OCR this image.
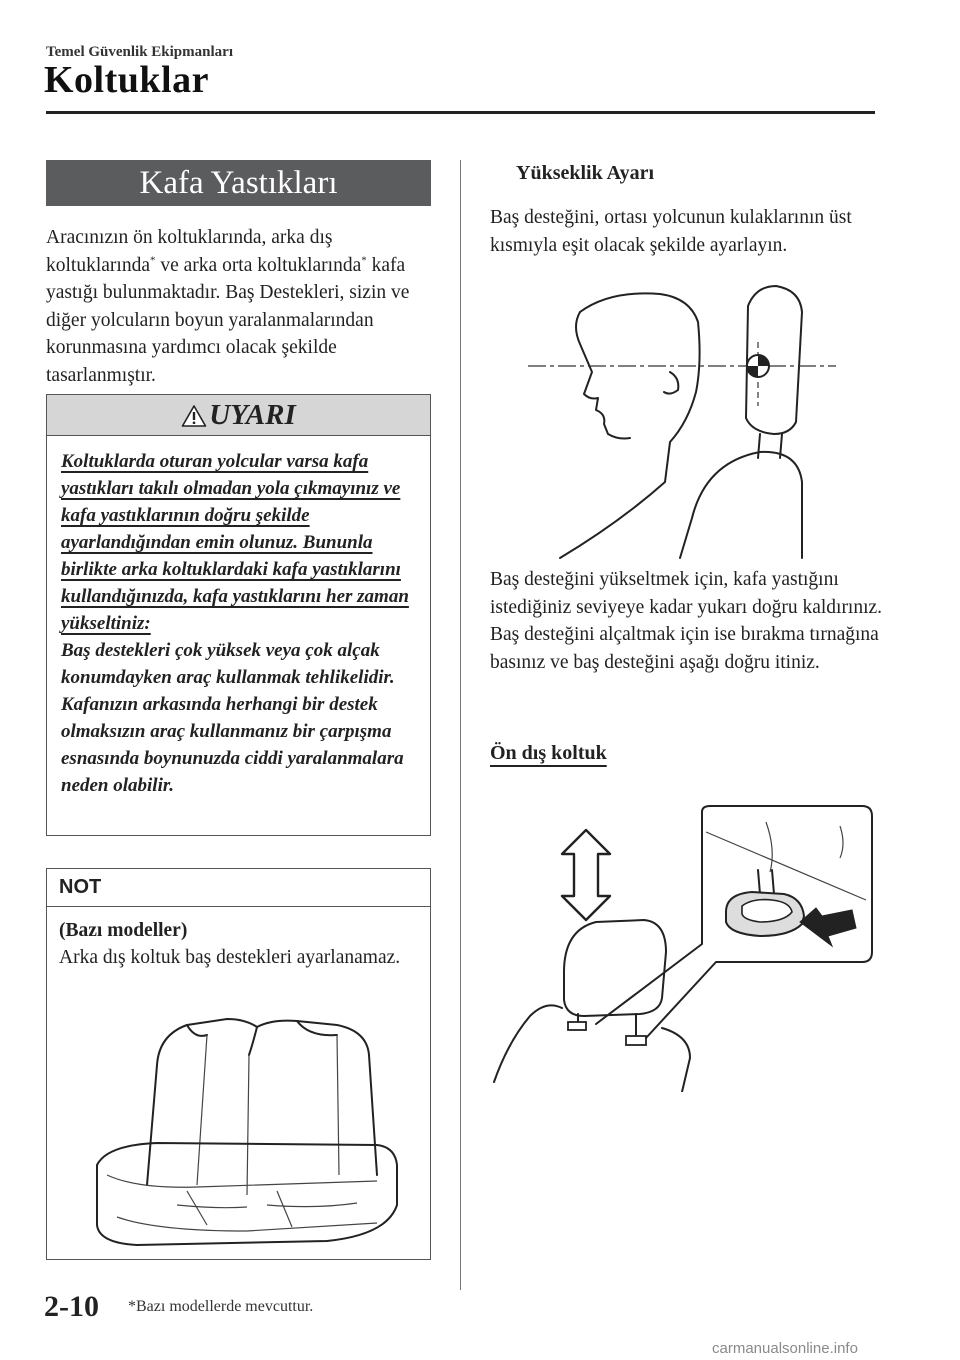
Temel Güvenlik Ekipmanları
Koltuklar
Kafa Yastıkları

Aracınızın ön koltuklarında, arka dış koltuklarında* ve arka orta koltuklarında* kafa yastığı bulunmaktadır. Baş Destekleri, sizin ve diğer yolcuların boyun yaralanmalarından korunmasına yardımcı olacak şekilde tasarlanmıştır.

UYARI

Koltuklarda oturan yolcular varsa kafa yastıkları takılı olmadan yola çıkmayınız ve kafa yastıklarının doğru şekilde ayarlandığından emin olunuz. Bununla birlikte arka koltuklardaki kafa yastıklarını kullandığınızda, kafa yastıklarını her zaman yükseltiniz:

Baş destekleri çok yüksek veya çok alçak konumdayken araç kullanmak tehlikelidir. Kafanızın arkasında herhangi bir destek olmaksızın araç kullanmanız bir çarpışma esnasında boynunuzda ciddi yaralanmalara neden olabilir.

NOT

(Bazı modeller)

Arka dış koltuk baş destekleri ayarlanamaz.

Yükseklik Ayarı

Baş desteğini, ortası yolcunun kulaklarının üst kısmıyla eşit olacak şekilde ayarlayın.

Baş desteğini yükseltmek için, kafa yastığını istediğiniz seviyeye kadar yukarı doğru kaldırınız.

Baş desteğini alçaltmak için ise bırakma tırnağına basınız ve baş desteğini aşağı doğru itiniz.

Ön dış koltuk
2-10 *Bazı modellerde mevcuttur.
carmanualsonline.info
